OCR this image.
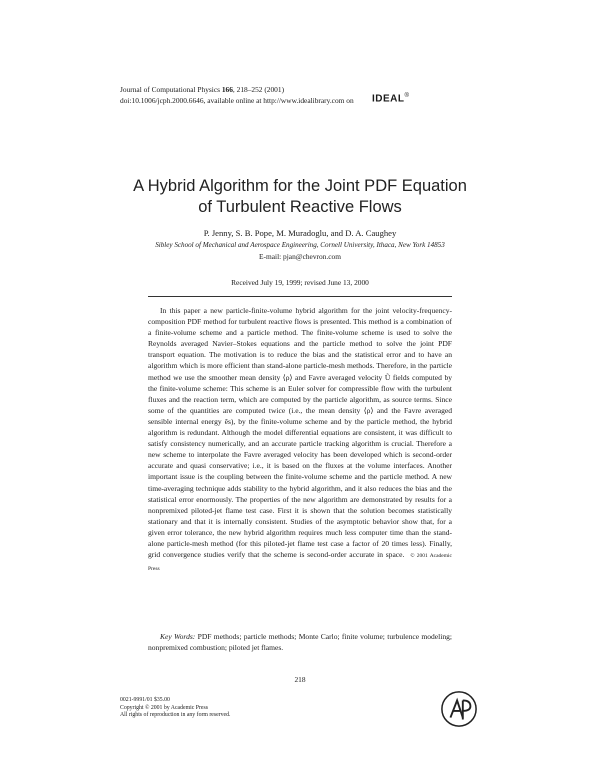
Journal of Computational Physics 166, 218–252 (2001)
doi:10.1006/jcph.2000.6646, available online at http://www.idealibrary.com on IDEAL®
A Hybrid Algorithm for the Joint PDF Equation
of Turbulent Reactive Flows
P. Jenny, S. B. Pope, M. Muradoglu, and D. A. Caughey
Sibley School of Mechanical and Aerospace Engineering, Cornell University, Ithaca, New York 14853
E-mail: pjan@chevron.com
Received July 19, 1999; revised June 13, 2000

In this paper a new particle-finite-volume hybrid algorithm for the joint velocity-frequency-composition PDF method for turbulent reactive flows is presented. This method is a combination of a finite-volume scheme and a particle method. The finite-volume scheme is used to solve the Reynolds averaged Navier–Stokes equations and the particle method to solve the joint PDF transport equation. The motivation is to reduce the bias and the statistical error and to have an algorithm which is more efficient than stand-alone particle-mesh methods. Therefore, in the particle method we use the smoother mean density ⟨ρ⟩ and Favre averaged velocity Ũ fields computed by the finite-volume scheme: This scheme is an Euler solver for compressible flow with the turbulent fluxes and the reaction term, which are computed by the particle algorithm, as source terms. Since some of the quantities are computed twice (i.e., the mean density ⟨ρ⟩ and the Favre averaged sensible internal energy ẽs), by the finite-volume scheme and by the particle method, the hybrid algorithm is redundant. Although the model differential equations are consistent, it was difficult to satisfy consistency numerically, and an accurate particle tracking algorithm is crucial. Therefore a new scheme to interpolate the Favre averaged velocity has been developed which is second-order accurate and quasi conservative; i.e., it is based on the fluxes at the volume interfaces. Another important issue is the coupling between the finite-volume scheme and the particle method. A new time-averaging technique adds stability to the hybrid algorithm, and it also reduces the bias and the statistical error enormously. The properties of the new algorithm are demonstrated by results for a nonpremixed piloted-jet flame test case. First it is shown that the solution becomes statistically stationary and that it is internally consistent. Studies of the asymptotic behavior show that, for a given error tolerance, the new hybrid algorithm requires much less computer time than the stand-alone particle-mesh method (for this piloted-jet flame test case a factor of 20 times less). Finally, grid convergence studies verify that the scheme is second-order accurate in space. © 2001 Academic Press

Key Words: PDF methods; particle methods; Monte Carlo; finite volume; turbulence modeling; nonpremixed combustion; piloted jet flames.

218
0021-9991/01 $35.00
Copyright © 2001 by Academic Press
All rights of reproduction in any form reserved.
